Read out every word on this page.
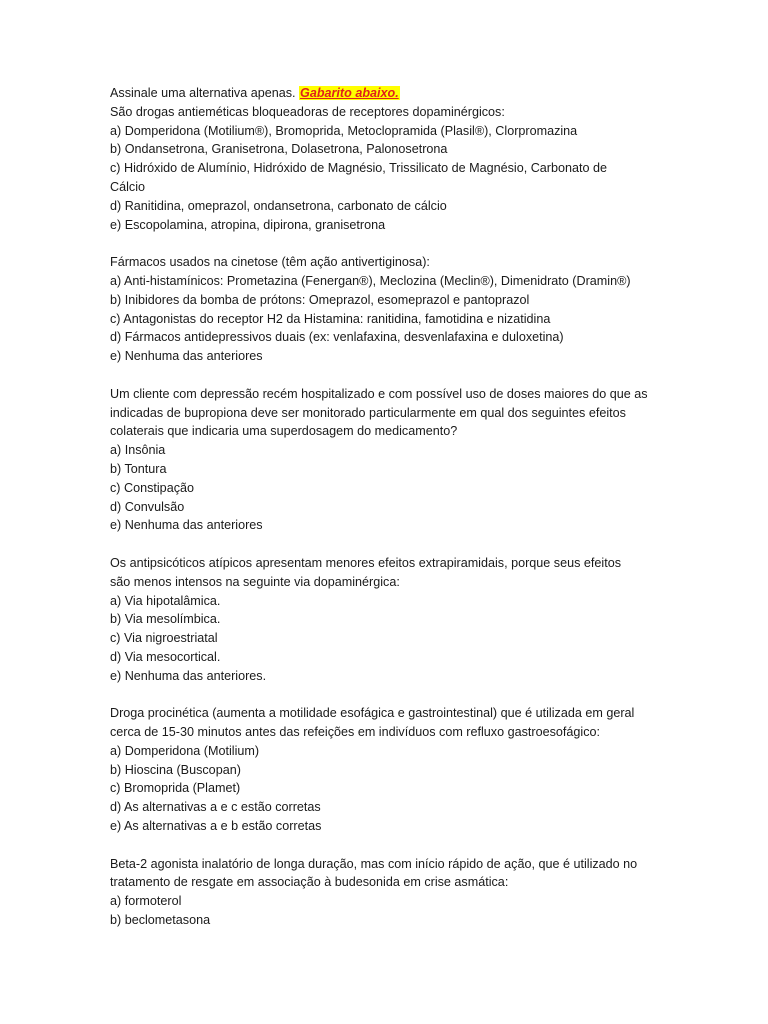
Assinale uma alternativa apenas. Gabarito abaixo.
São drogas antieméticas bloqueadoras de receptores dopaminérgicos:
a) Domperidona (Motilium®), Bromoprida, Metoclopramida (Plasil®), Clorpromazina
b) Ondansetrona, Granisetrona, Dolasetrona, Palonosetrona
c) Hidróxido de Alumínio, Hidróxido de Magnésio, Trissilicato de Magnésio, Carbonato de
Cálcio
d) Ranitidina, omeprazol, ondansetrona, carbonato de cálcio
e) Escopolamina, atropina, dipirona, granisetrona
Fármacos usados na cinetose (têm ação antivertiginosa):
a) Anti-histamínicos: Prometazina (Fenergan®), Meclozina (Meclin®), Dimenidrato (Dramin®)
b) Inibidores da bomba de prótons: Omeprazol, esomeprazol e pantoprazol
c) Antagonistas do receptor H2 da Histamina: ranitidina, famotidina e nizatidina
d) Fármacos antidepressivos duais (ex: venlafaxina, desvenlafaxina e duloxetina)
e) Nenhuma das anteriores
Um cliente com depressão recém hospitalizado e com possível uso de doses maiores do que as
indicadas de bupropiona deve ser monitorado particularmente em qual dos seguintes efeitos
colaterais que indicaria uma superdosagem do medicamento?
a) Insônia
b) Tontura
c) Constipação
d) Convulsão
e) Nenhuma das anteriores
Os antipsicóticos atípicos apresentam menores efeitos extrapiramidais, porque seus efeitos
são menos intensos na seguinte via dopaminérgica:
a) Via hipotalâmica.
b) Via mesolímbica.
c) Via nigroestriatal
d) Via mesocortical.
e) Nenhuma das anteriores.
Droga procinética (aumenta a motilidade esofágica e gastrointestinal) que é utilizada em geral
cerca de 15-30 minutos antes das refeições em indivíduos com refluxo gastroesofágico:
a) Domperidona (Motilium)
b) Hioscina (Buscopan)
c) Bromoprida (Plamet)
d) As alternativas a e c estão corretas
e) As alternativas a e b estão corretas
Beta-2 agonista inalatório de longa duração, mas com início rápido de ação, que é utilizado no
tratamento de resgate em associação à budesonida em crise asmática:
a) formoterol
b) beclometasona
